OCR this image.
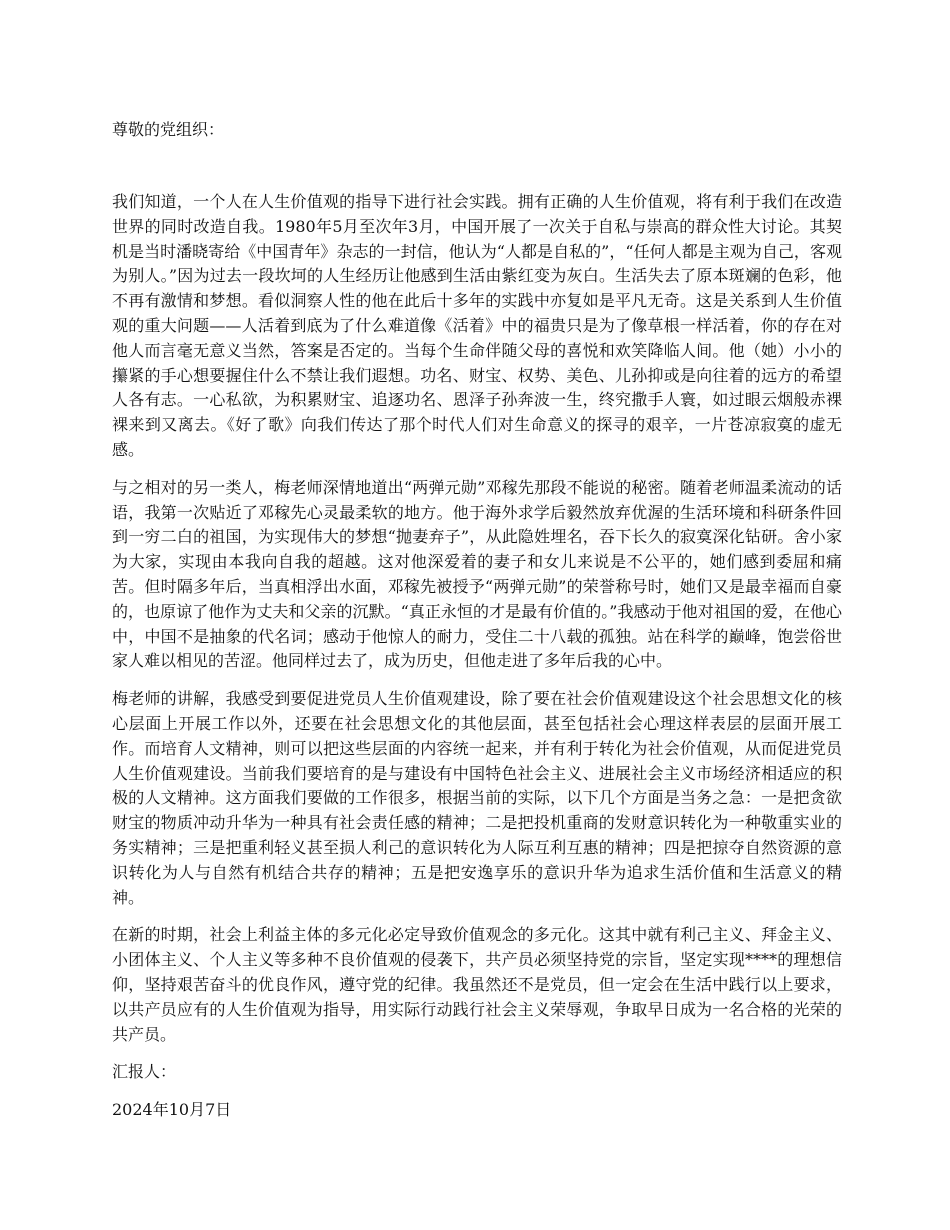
尊敬的党组织：

我们知道，一个人在人生价值观的指导下进行社会实践。拥有正确的人生价值观，将有利于我们在改造世界的同时改造自我。1980年5月至次年3月，中国开展了一次关于自私与崇高的群众性大讨论。其契机是当时潘晓寄给《中国青年》杂志的一封信，他认为“人都是自私的”，“任何人都是主观为自己，客观为别人。”因为过去一段坎坷的人生经历让他感到生活由紫红变为灰白。生活失去了原本斑斓的色彩，他不再有激情和梦想。看似洞察人性的他在此后十多年的实践中亦复如是平凡无奇。这是关系到人生价值观的重大问题——人活着到底为了什么难道像《活着》中的福贵只是为了像草根一样活着，你的存在对他人而言毫无意义当然，答案是否定的。当每个生命伴随父母的喜悦和欢笑降临人间。他（她）小小的攥紧的手心想要握住什么不禁让我们遐想。功名、财宝、权势、美色、儿孙抑或是向往着的远方的希望人各有志。一心私欲，为积累财宝、追逐功名、恩泽子孙奔波一生，终究撒手人寰，如过眼云烟般赤裸裸来到又离去。《好了歌》向我们传达了那个时代人们对生命意义的探寻的艰辛，一片苍凉寂寞的虚无感。

与之相对的另一类人，梅老师深情地道出“两弹元勋”邓稼先那段不能说的秘密。随着老师温柔流动的话语，我第一次贴近了邓稼先心灵最柔软的地方。他于海外求学后毅然放弃优渥的生活环境和科研条件回到一穷二白的祖国，为实现伟大的梦想“抛妻弃子”，从此隐姓埋名，吞下长久的寂寞深化钻研。舍小家为大家，实现由本我向自我的超越。这对他深爱着的妻子和女儿来说是不公平的，她们感到委屈和痛苦。但时隔多年后，当真相浮出水面，邓稼先被授予“两弹元勋”的荣誉称号时，她们又是最幸福而自豪的，也原谅了他作为丈夫和父亲的沉默。“真正永恒的才是最有价值的。”我感动于他对祖国的爱，在他心中，中国不是抽象的代名词；感动于他惊人的耐力，受住二十八载的孤独。站在科学的巅峰，饱尝俗世家人难以相见的苦涩。他同样过去了，成为历史，但他走进了多年后我的心中。

梅老师的讲解，我感受到要促进党员人生价值观建设，除了要在社会价值观建设这个社会思想文化的核心层面上开展工作以外，还要在社会思想文化的其他层面，甚至包括社会心理这样表层的层面开展工作。而培育人文精神，则可以把这些层面的内容统一起来，并有利于转化为社会价值观，从而促进党员人生价值观建设。当前我们要培育的是与建设有中国特色社会主义、进展社会主义市场经济相适应的积极的人文精神。这方面我们要做的工作很多，根据当前的实际，以下几个方面是当务之急：一是把贪欲财宝的物质冲动升华为一种具有社会责任感的精神；二是把投机重商的发财意识转化为一种敬重实业的务实精神；三是把重利轻义甚至损人利己的意识转化为人际互利互惠的精神；四是把掠夺自然资源的意识转化为人与自然有机结合共存的精神；五是把安逸享乐的意识升华为追求生活价值和生活意义的精神。

在新的时期，社会上利益主体的多元化必定导致价值观念的多元化。这其中就有利己主义、拜金主义、小团体主义、个人主义等多种不良价值观的侵袭下，共产员必须坚持党的宗旨，坚定实现****的理想信仰，坚持艰苦奋斗的优良作风，遵守党的纪律。我虽然还不是党员，但一定会在生活中践行以上要求，以共产员应有的人生价值观为指导，用实际行动践行社会主义荣辱观，争取早日成为一名合格的光荣的共产员。

汇报人：

2024年10月7日
